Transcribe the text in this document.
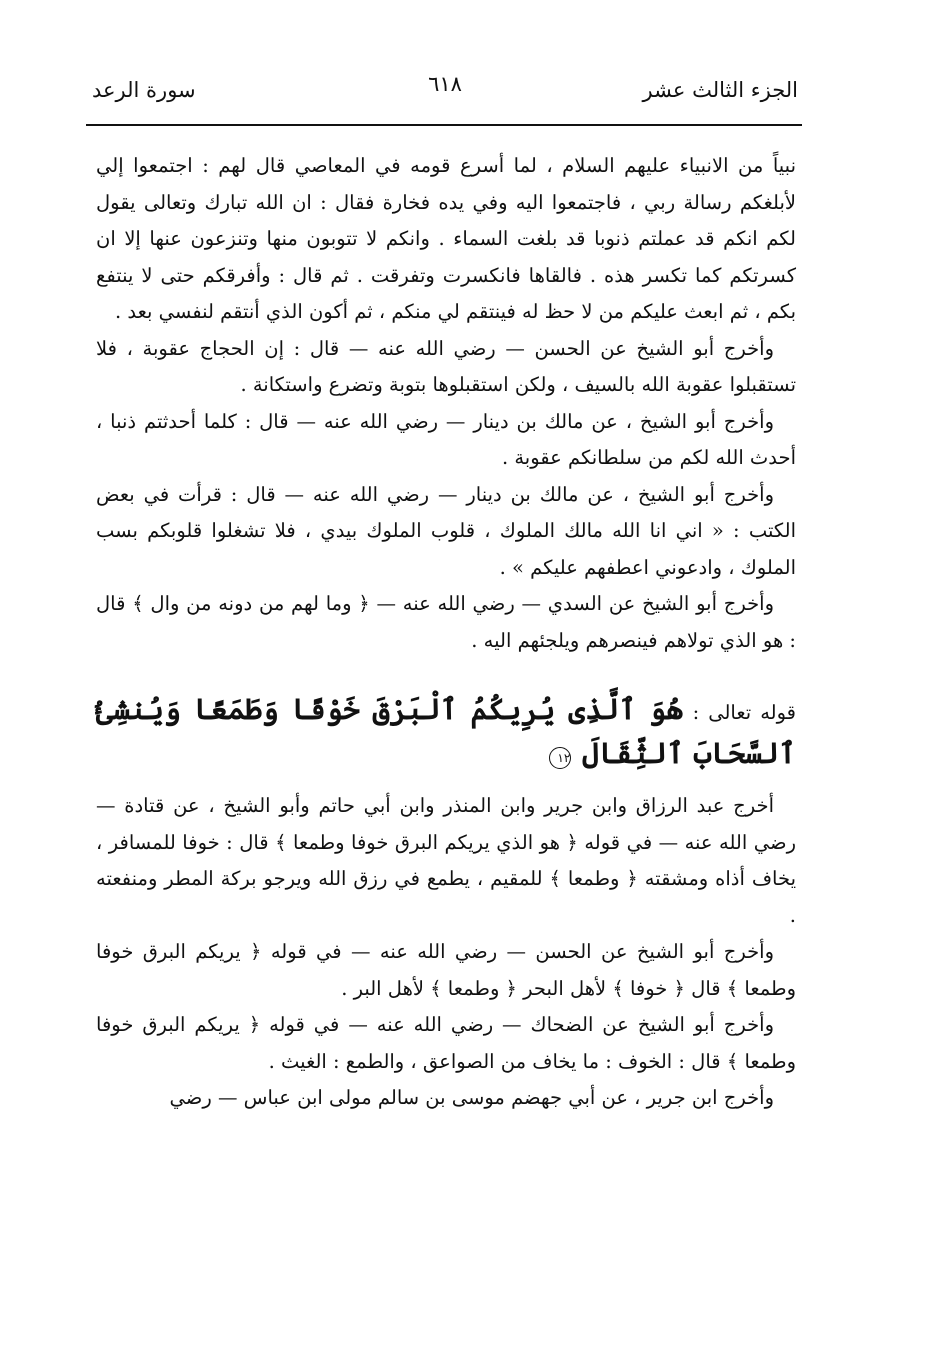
الجزء الثالث عشر
٦١٨
سورة الرعد

نبياً من الانبياء عليهم السلام ، لما أسرع قومه في المعاصي قال لهم : اجتمعوا إلي لأبلغكم رسالة ربي ، فاجتمعوا اليه وفي يده فخارة فقال : ان الله تبارك وتعالى يقول لكم انكم قد عملتم ذنوبا قد بلغت السماء . وانكم لا تتوبون منها وتنزعون عنها إلا ان كسرتكم كما تكسر هذه . فالقاها فانكسرت وتفرقت . ثم قال : وأفرقكم حتى لا ينتفع بكم ، ثم ابعث عليكم من لا حظ له فينتقم لي منكم ، ثم أكون الذي أنتقم لنفسي بعد .

وأخرج أبو الشيخ عن الحسن — رضي الله عنه — قال : إن الحجاج عقوبة ، فلا تستقبلوا عقوبة الله بالسيف ، ولكن استقبلوها بتوبة وتضرع واستكانة .

وأخرج أبو الشيخ ، عن مالك بن دينار — رضي الله عنه — قال : كلما أحدثتم ذنبا ، أحدث الله لكم من سلطانكم عقوبة .

وأخرج أبو الشيخ ، عن مالك بن دينار — رضي الله عنه — قال : قرأت في بعض الكتب : « اني انا الله مالك الملوك ، قلوب الملوك بيدي ، فلا تشغلوا قلوبكم بسب الملوك ، وادعوني اعطفهم عليكم » .

وأخرج أبو الشيخ عن السدي — رضي الله عنه — ﴿ وما لهم من دونه من وال ﴾ قال : هو الذي تولاهم فينصرهم ويلجئهم اليه .

قوله تعالى : هُوَ ٱلَّذِى يُرِيكُمُ ٱلْبَرْقَ خَوْفًا وَطَمَعًا وَيُنشِئُ ٱلسَّحَابَ ٱلثِّقَالَ ١٢

أخرج عبد الرزاق وابن جرير وابن المنذر وابن أبي حاتم وأبو الشيخ ، عن قتادة — رضي الله عنه — في قوله ﴿ هو الذي يريكم البرق خوفا وطمعا ﴾ قال : خوفا للمسافر ، يخاف أذاه ومشقته ﴿ وطمعا ﴾ للمقيم ، يطمع في رزق الله ويرجو بركة المطر ومنفعته .

وأخرج أبو الشيخ عن الحسن — رضي الله عنه — في قوله ﴿ يريكم البرق خوفا وطمعا ﴾ قال ﴿ خوفا ﴾ لأهل البحر ﴿ وطمعا ﴾ لأهل البر .

وأخرج أبو الشيخ عن الضحاك — رضي الله عنه — في قوله ﴿ يريكم البرق خوفا وطمعا ﴾ قال : الخوف : ما يخاف من الصواعق ، والطمع : الغيث .

وأخرج ابن جرير ، عن أبي جهضم موسى بن سالم مولى ابن عباس — رضي
